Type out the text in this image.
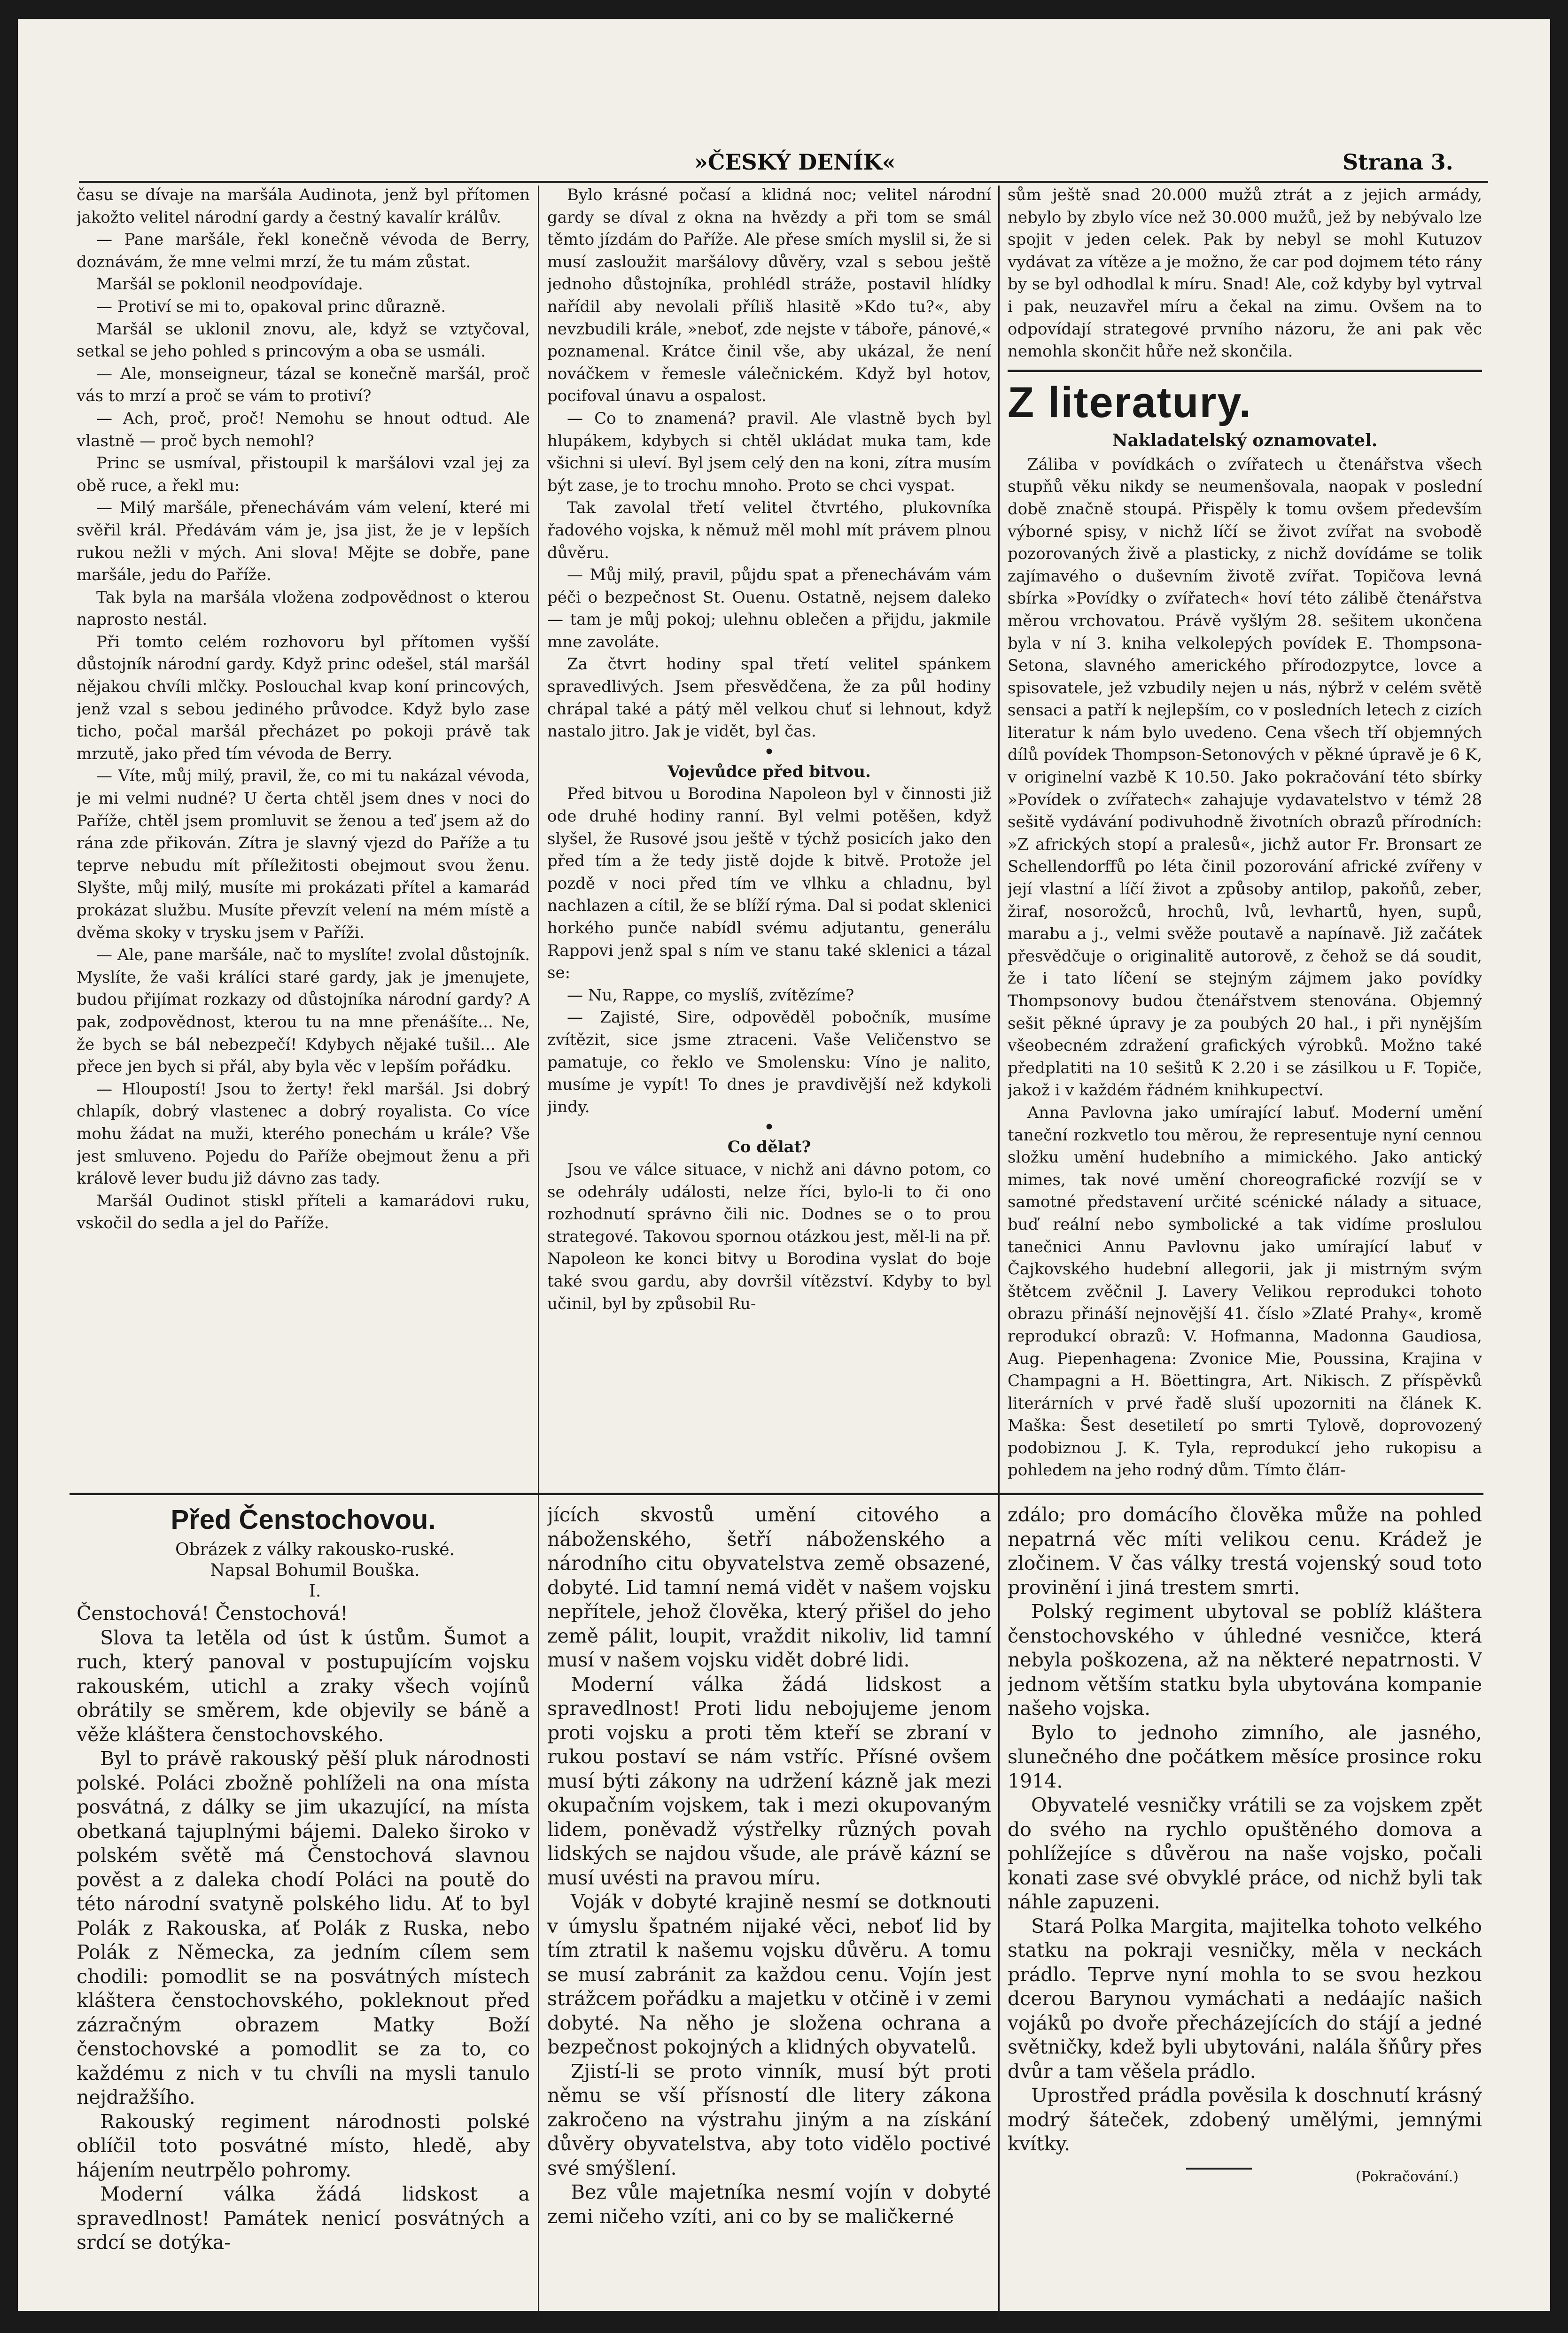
»ČESKÝ DENÍK«	Strana 3.

času se dívaje na maršála Audinota, jenž byl přítomen jakožto velitel národní gardy a čestný kavalír králův.

— Pane maršále, řekl konečně vévoda de Berry, doznávám, že mne velmi mrzí, že tu mám zůstat.

Maršál se poklonil neodpovídaje.

— Protiví se mi to, opakoval princ důrazně.

Maršál se uklonil znovu, ale, když se vztyčoval, setkal se jeho pohled s princovým a oba se usmáli.

— Ale, monseigneur, tázal se konečně maršál, proč vás to mrzí a proč se vám to protiví?

— Ach, proč, proč! Nemohu se hnout odtud. Ale vlastně — proč bych nemohl?

Princ se usmíval, přistoupil k maršálovi vzal jej za obě ruce, a řekl mu:

— Milý maršále, přenechávám vám velení, které mi svěřil král. Předávám vám je, jsa jist, že je v lepších rukou nežli v mých. Ani slova! Mějte se dobře, pane maršále, jedu do Paříže.

Tak byla na maršála vložena zodpovědnost o kterou naprosto nestál.

Při tomto celém rozhovoru byl přítomen vyšší důstojník národní gardy. Když princ odešel, stál maršál nějakou chvíli mlčky. Poslouchal kvap koní princových, jenž vzal s sebou jediného průvodce. Když bylo zase ticho, počal maršál přecházet po pokoji právě tak mrzutě, jako před tím vévoda de Berry.

— Víte, můj milý, pravil, že, co mi tu nakázal vévoda, je mi velmi nudné? U čerta chtěl jsem dnes v noci do Paříže, chtěl jsem promluvit se ženou a teď jsem až do rána zde přikován. Zítra je slavný vjezd do Paříže a tu teprve nebudu mít příležitosti obejmout svou ženu. Slyšte, můj milý, musíte mi prokázati přítel a kamarád prokázat službu. Musíte převzít velení na mém místě a dvěma skoky v trysku jsem v Paříži.

— Ale, pane maršále, nač to myslíte! zvolal důstojník. Myslíte, že vaši králíci staré gardy, jak je jmenujete, budou přijímat rozkazy od důstojníka národní gardy? A pak, zodpovědnost, kterou tu na mne přenášíte... Ne, že bych se bál nebezpečí! Kdybych nějaké tušil... Ale přece jen bych si přál, aby byla věc v lepším pořádku.

— Hloupostí! Jsou to žerty! řekl maršál. Jsi dobrý chlapík, dobrý vlastenec a dobrý royalista. Co více mohu žádat na muži, kterého ponechám u krále? Vše jest smluveno. Pojedu do Paříže obejmout ženu a při králově lever budu již dávno zas tady.

Maršál Oudinot stiskl příteli a kamarádovi ruku, vskočil do sedla a jel do Paříže.

Bylo krásné počasí a klidná noc; velitel národní gardy se díval z okna na hvězdy a při tom se smál těmto jízdám do Paříže. Ale přese smích myslil si, že si musí zasloužit maršálovy důvěry, vzal s sebou ještě jednoho důstojníka, prohlédl stráže, postavil hlídky nařídil aby nevolali příliš hlasitě »Kdo tu?«, aby nevzbudili krále, »neboť, zde nejste v táboře, pánové,« poznamenal. Krátce činil vše, aby ukázal, že není nováčkem v řemesle válečnickém. Když byl hotov, pocifoval únavu a ospalost.

— Co to znamená? pravil. Ale vlastně bych byl hlupákem, kdybych si chtěl ukládat muka tam, kde všichni si uleví. Byl jsem celý den na koni, zítra musím být zase, je to trochu mnoho. Proto se chci vyspat.

Tak zavolal třetí velitel čtvrtého, plukovníka řadového vojska, k němuž měl mohl mít právem plnou důvěru.

— Můj milý, pravil, půjdu spat a přenechávám vám péči o bezpečnost St. Ouenu. Ostatně, nejsem daleko — tam je můj pokoj; ulehnu oblečen a přijdu, jakmile mne zavoláte.

Za čtvrt hodiny spal třetí velitel spánkem spravedlivých. Jsem přesvědčena, že za půl hodiny chrápal také a pátý měl velkou chuť si lehnout, když nastalo jitro. Jak je vidět, byl čas.

•

Vojevůdce před bitvou.

Před bitvou u Borodina Napoleon byl v činnosti již ode druhé hodiny ranní. Byl velmi potěšen, když slyšel, že Rusové jsou ještě v týchž posicích jako den před tím a že tedy jistě dojde k bitvě. Protože jel pozdě v noci před tím ve vlhku a chladnu, byl nachlazen a cítil, že se blíží rýma. Dal si podat sklenici horkého punče nabídl svému adjutantu, generálu Rappovi jenž spal s ním ve stanu také sklenici a tázal se:

— Nu, Rappe, co myslíš, zvítězíme?

— Zajisté, Sire, odpověděl pobočník, musíme zvítězit, sice jsme ztraceni. Vaše Veličenstvo se pamatuje, co řeklo ve Smolensku: Víno je nalito, musíme je vypít! To dnes je pravdivější než kdykoli jindy.

•

Co dělat?

Jsou ve válce situace, v nichž ani dávno potom, co se odehrály události, nelze říci, bylo-li to či ono rozhodnutí správno čili nic. Dodnes se o to prou strategové. Takovou spornou otázkou jest, měl-li na př. Napoleon ke konci bitvy u Borodina vyslat do boje také svou gardu, aby dovršil vítězství. Kdyby to byl učinil, byl by způsobil Ru-

sům ještě snad 20.000 mužů ztrát a z jejich armády, nebylo by zbylo více než 30.000 mužů, jež by nebývalo lze spojit v jeden celek. Pak by nebyl se mohl Kutuzov vydávat za vítěze a je možno, že car pod dojmem této rány by se byl odhodlal k míru. Snad! Ale, což kdyby byl vytrval i pak, neuzavřel míru a čekal na zimu. Ovšem na to odpovídají strategové prvního názoru, že ani pak věc nemohla skončit hůře než skončila.

Z literatury.

Nakladatelský oznamovatel.

Záliba v povídkách o zvířatech u čtenářstva všech stupňů věku nikdy se neumenšovala, naopak v poslední době značně stoupá. Přispěly k tomu ovšem především výborné spisy, v nichž líčí se život zvířat na svobodě pozorovaných živě a plasticky, z nichž dovídáme se tolik zajímavého o duševním životě zvířat. Topičova levná sbírka »Povídky o zvířatech« hoví této zálibě čtenářstva měrou vrchovatou. Právě vyšlým 28. sešitem ukončena byla v ní 3. kniha velkolepých povídek E. Thompsona-Setona, slavného amerického přírodozpytce, lovce a spisovatele, jež vzbudily nejen u nás, nýbrž v celém světě sensaci a patří k nejlepším, co v posledních letech z cizích literatur k nám bylo uvedeno. Cena všech tří objemných dílů povídek Thompson-Setonových v pěkné úpravě je 6 K, v originelní vazbě K 10.50. Jako pokračování této sbírky »Povídek o zvířatech« zahajuje vydavatelstvo v témž 28 sešitě vydávání podivuhodně životních obrazů přírodních: »Z afrických stopí a pralesů«, jichž autor Fr. Bronsart ze Schellendorffů po léta činil pozorování africké zvířeny v její vlastní a líčí život a způsoby antilop, pakoňů, zeber, žiraf, nosorožců, hrochů, lvů, levhartů, hyen, supů, marabu a j., velmi svěže poutavě a napínavě. Již začátek přesvědčuje o originalitě autorově, z čehož se dá soudit, že i tato líčení se stejným zájmem jako povídky Thompsonovy budou čtenářstvem stenována. Objemný sešit pěkné úpravy je za poubých 20 hal., i při nynějším všeobecném zdražení grafických výrobků. Možno také předplatiti na 10 sešitů K 2.20 i se zásilkou u F. Topiče, jakož i v každém řádném knihkupectví.

Anna Pavlovna jako umírající labuť. Moderní umění taneční rozkvetlo tou měrou, že representuje nyní cennou složku umění hudebního a mimického. Jako antický mimes, tak nové umění choreografické rozvíjí se v samotné představení určité scénické nálady a situace, buď reální nebo symbolické a tak vidíme proslulou tanečnici Annu Pavlovnu jako umírající labuť v Čajkovského hudební allegorii, jak ji mistrným svým štětcem zvěčnil J. Lavery Velikou reprodukci tohoto obrazu přináší nejnovější 41. číslo »Zlaté Prahy«, kromě reprodukcí obrazů: V. Hofmanna, Madonna Gaudiosa, Aug. Piepenhagena: Zvonice Mie, Poussina, Krajina v Champagni a H. Böettingra, Art. Nikisch. Z příspěvků literárních v prvé řadě sluší upozorniti na článek K. Maška: Šest desetiletí po smrti Tylově, doprovozený podobiznou J. K. Tyla, reprodukcí jeho rukopisu a pohledem na jeho rodný dům. Tímto čláп-

Před Čenstochovou.

Obrázek z války rakousko-ruské.

Napsal Bohumil Bouška.

I.

Čenstochová! Čenstochová!

Slova ta letěla od úst k ústům. Šumot a ruch, který panoval v postupujícím vojsku rakouském, utichl a zraky všech vojínů obrátily se směrem, kde objevily se báně a věže kláštera čenstochovského.

Byl to právě rakouský pěší pluk národnosti polské. Poláci zbožně pohlíželi na ona místa posvátná, z dálky se jim ukazující, na místa obetkaná tajuplnými bájemi. Daleko široko v polském světě má Čenstochová slavnou pověst a z daleka chodí Poláci na poutě do této národní svatyně polského lidu. Ať to byl Polák z Rakouska, ať Polák z Ruska, nebo Polák z Německa, za jedním cílem sem chodili: pomodlit se na posvátných místech kláštera čenstochovského, pokleknout před zázračným obrazem Matky Boží čenstochovské a pomodlit se za to, co každému z nich v tu chvíli na mysli tanulo nejdražšího.

Rakouský regiment národnosti polské oblíčil toto posvátné místo, hledě, aby hájením neutrpělo pohromy.

Moderní válka žádá lidskost a spravedlnost! Památek nenicí posvátných a srdcí se dotýka-

jících skvostů umění citového a náboženského, šetří náboženského a národního citu obyvatelstva země obsazené, dobyté. Lid tamní nemá vidět v našem vojsku nepřítele, jehož člověka, který přišel do jeho země pálit, loupit, vraždit nikoliv, lid tamní musí v našem vojsku vidět dobré lidi.

Moderní válka žádá lidskost a spravedlnost! Proti lidu nebojujeme jenom proti vojsku a proti těm kteří se zbraní v rukou postaví se nám vstříc. Přísné ovšem musí býti zákony na udržení kázně jak mezi okupačním vojskem, tak i mezi okupovaným lidem, poněvadž výstřelky různých povah lidských se najdou všude, ale právě kázní se musí uvésti na pravou míru.

Voják v dobyté krajině nesmí se dotknouti v úmyslu špatném nijaké věci, neboť lid by tím ztratil k našemu vojsku důvěru. A tomu se musí zabránit za každou cenu. Vojín jest strážcem pořádku a majetku v otčině i v zemi dobyté. Na něho je složena ochrana a bezpečnost pokojných a klidných obyvatelů.

Zjistí-li se proto vinník, musí být proti němu se vší přísností dle litery zákona zakročeno na výstrahu jiným a na získání důvěry obyvatelstva, aby toto vidělo poctivé své smýšlení.

Bez vůle majetníka nesmí vojín v dobyté zemi ničeho vzíti, ani co by se maličkerné

zdálo; pro domácího člověka může na pohled nepatrná věc míti velikou cenu. Krádež je zločinem. V čas války trestá vojenský soud toto provinění i jiná trestem smrti.

Polský regiment ubytoval se poblíž kláštera čenstochovského v úhledné vesničce, která nebyla poškozena, až na některé nepatrnosti. V jednom větším statku byla ubytována kompanie našeho vojska.

Bylo to jednoho zimního, ale jasného, slunečného dne počátkem měsíce prosince roku 1914.

Obyvatelé vesničky vrátili se za vojskem zpět do svého na rychlo opuštěného domova a pohlížejíce s důvěrou na naše vojsko, počali konati zase své obvyklé práce, od nichž byli tak náhle zapuzeni.

Stará Polka Margita, majitelka tohoto velkého statku na pokraji vesničky, měla v neckách prádlo. Teprve nyní mohla to se svou hezkou dcerou Barynou vymáchati a nedáajíc našich vojáků po dvoře přecházejících do stájí a jedné světničky, kdež byli ubytováni, nalála šňůry přes dvůr a tam věšela prádlo.

Uprostřed prádla pověsila k doschnutí krásný modrý šáteček, zdobený umělými, jemnými kvítky.

(Pokračování.)
